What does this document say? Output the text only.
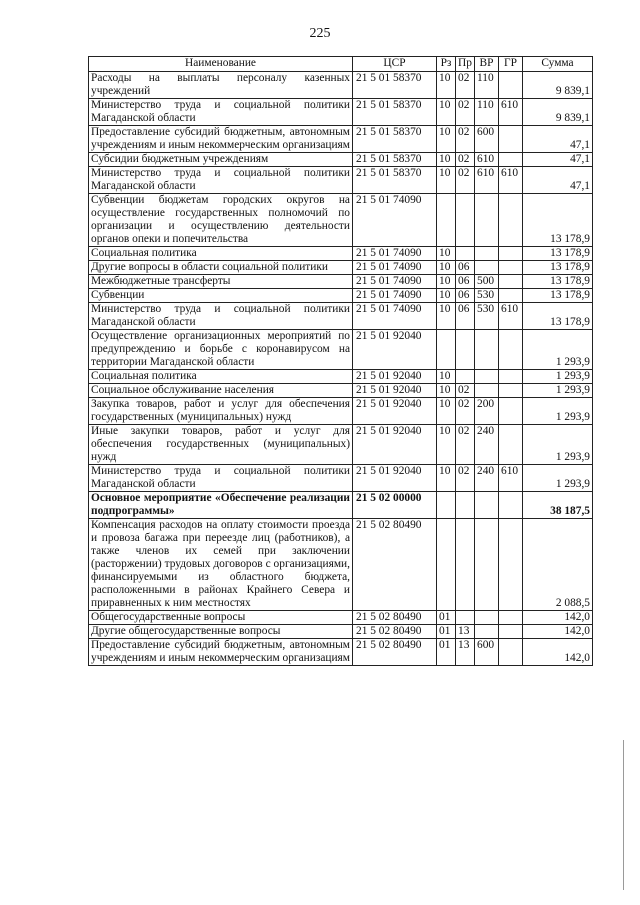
225
Наименование	ЦСР	Рз	Пр	ВР	ГР	Сумма
Расходы на выплаты персоналу казенных учреждений	21 5 01 58370	10	02	110		9 839,1
Министерство труда и социальной политики Магаданской области	21 5 01 58370	10	02	110	610	9 839,1
Предоставление субсидий бюджетным, автономным учреждениям и иным некоммерческим организациям	21 5 01 58370	10	02	600		47,1
Субсидии бюджетным учреждениям	21 5 01 58370	10	02	610		47,1
Министерство труда и социальной политики Магаданской области	21 5 01 58370	10	02	610	610	47,1
Субвенции бюджетам городских округов на осуществление государственных полномочий по организации и осуществлению деятельности органов опеки и попечительства	21 5 01 74090					13 178,9
Социальная политика	21 5 01 74090	10				13 178,9
Другие вопросы в области социальной политики	21 5 01 74090	10	06			13 178,9
Межбюджетные трансферты	21 5 01 74090	10	06	500		13 178,9
Субвенции	21 5 01 74090	10	06	530		13 178,9
Министерство труда и социальной политики Магаданской области	21 5 01 74090	10	06	530	610	13 178,9
Осуществление организационных мероприятий по предупреждению и борьбе с коронавирусом на территории Магаданской области	21 5 01 92040					1 293,9
Социальная политика	21 5 01 92040	10				1 293,9
Социальное обслуживание населения	21 5 01 92040	10	02			1 293,9
Закупка товаров, работ и услуг для обеспечения государственных (муниципальных) нужд	21 5 01 92040	10	02	200		1 293,9
Иные закупки товаров, работ и услуг для обеспечения государственных (муниципальных) нужд	21 5 01 92040	10	02	240		1 293,9
Министерство труда и социальной политики Магаданской области	21 5 01 92040	10	02	240	610	1 293,9
Основное мероприятие «Обеспечение реализации подпрограммы»	21 5 02 00000					38 187,5
Компенсация расходов на оплату стоимости проезда и провоза багажа при переезде лиц (работников), а также членов их семей при заключении (расторжении) трудовых договоров с организациями, финансируемыми из областного бюджета, расположенными в районах Крайнего Севера и приравненных к ним местностях	21 5 02 80490					2 088,5
Общегосударственные вопросы	21 5 02 80490	01				142,0
Другие общегосударственные вопросы	21 5 02 80490	01	13			142,0
Предоставление субсидий бюджетным, автономным учреждениям и иным некоммерческим организациям	21 5 02 80490	01	13	600		142,0
